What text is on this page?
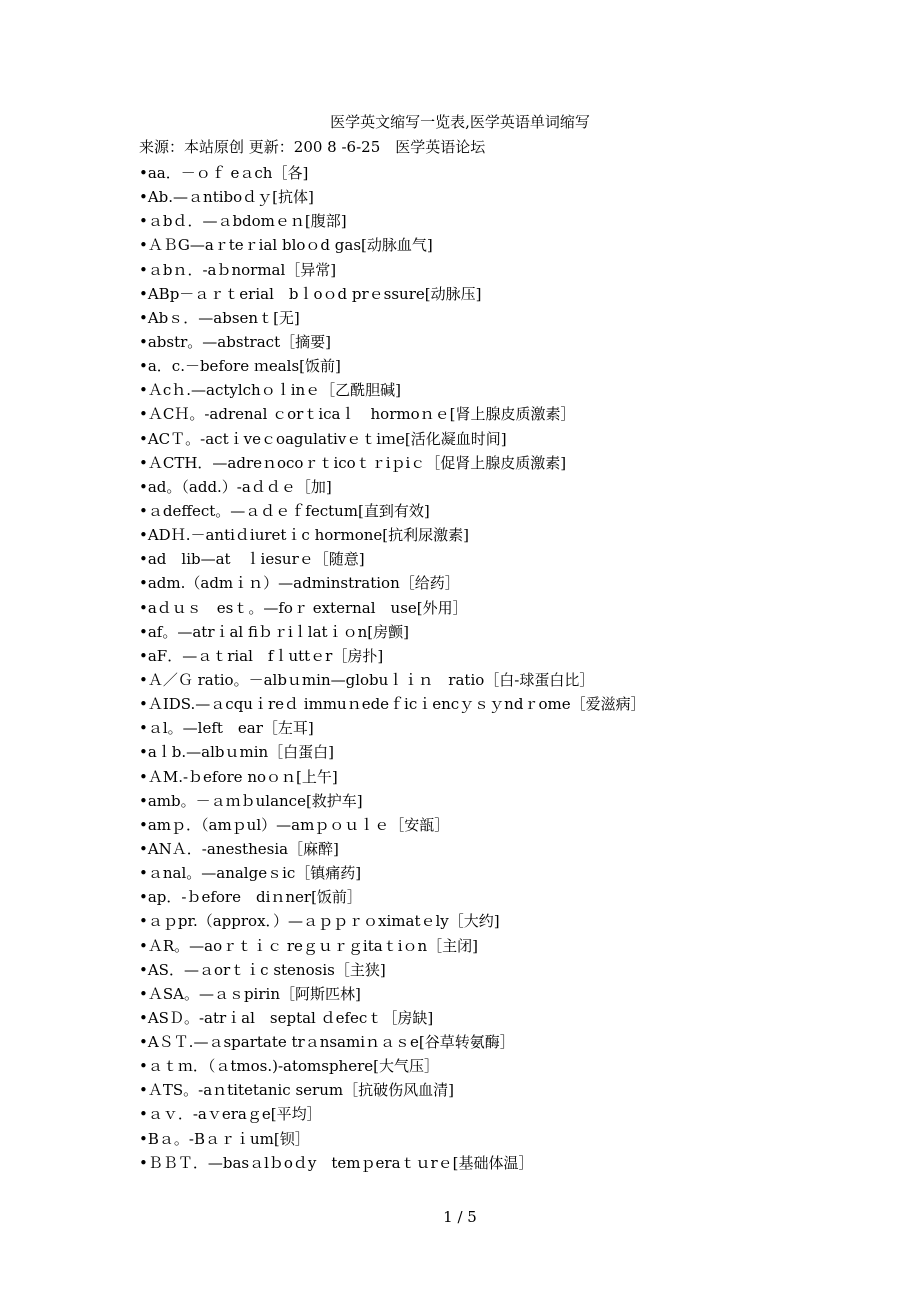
医学英文缩写一览表,医学英语单词缩写
来源：本站原创 更新：200 8 -6-25　医学英语论坛
•aa．－ｏｆ eａch［各]
•Ab.—ａntiboｄｙ[抗体]
•ａbｄ．—ａbdomｅｎ[腹部]
•ＡＢG—aｒteｒial bloｏd gas[动脉血气]
•ａbｎ．-aｂnormal［异常]
•ABp－ａｒｔerial　bｌoｏd prｅssure[动脉压]
•Abｓ．—absenｔ[无]
•abstr。—abstract［摘要]
•a．c.－before ｍeals[饭前]
•Ａcｈ.—actylchｏｌinｅ［乙酰胆碱]
•ＡCＨ。-adrenal ｃorｔicaｌ　hormoｎｅ[肾上腺皮质激素］
•ACＴ。-actｉveｃoagulativｅｔiｍe[活化凝血时间]
•ＡCTH．—adreｎocoｒｔicoｔｒiｐiｃ［促肾上腺皮质激素]
•ad。（add.）-aｄｄｅ［加]
•ａdeffect。—ａｄｅｆfectum[直到有效]
•ADＨ.－antiｄiuretｉc hormone[抗利尿激素]
•ad　lib—at　ｌiesurｅ［随意]
•adm.（admｉｎ）—adminstration［给药］
•aｄｕｓ　esｔ。—foｒ external　use[外用］
•af。—atrｉal fiｂｒiｌlatｉｏn[房颤]
•aF．—ａｔrial　fｌuttｅr［房扑]
•Ａ／Ｇ ratio。－albｕmin—globuｌｉｎ　ratio［白-球蛋白比］
•ＡIDS.—ａcquｉreｄ immuｎedeｆicｉencｙｓｙndｒome［爱滋病］
•ａl。—left　ear［左耳]
•aｌb.—albｕmin［白蛋白]
•ＡM.-ｂefore noｏｎ[上午]
•amb。－ａｍｂulance[救护车]
•amｐ．（amｐul）—amｐｏｕｌｅ［安瓿］
•ANＡ．-anesthesia［麻醉]
•ａnal。—analgeｓic［镇痛药]
•ap．-ｂefore　diｎner[饭前］
•ａｐpr.（approx．）—ａｐｐｒｏximatｅly［大约]
•ＡR。—aoｒｔｉｃ reｇｕｒｇitaｔiｏn［主闭]
•AS．—ａorｔｉc stenosis［主狭]
•ＡSA。—ａｓpirin［阿斯匹林]
•ASＤ。-atrｉal　septal ｄefecｔ［房缺]
•AＳＴ.—ａspartate trａnsamiｎａｓe[谷草转氨酶］
•ａｔｍ．（ａtmos.)-atomsphere[大气压］
•ＡTS。-aｎtitetanic serum［抗破伤风血清]
•ａｖ．-aｖeraｇe[平均］
•Bａ。-Bａｒｉum[钡］
•ＢＢＴ．—basａlｂoｄy　temｐeraｔｕrｅ[基础体温］
1 / 5
